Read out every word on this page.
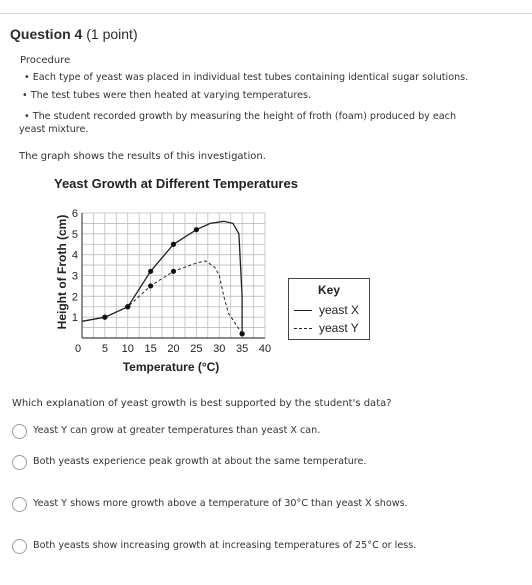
Question 4 (1 point)
Procedure
• Each type of yeast was placed in individual test tubes containing identical sugar solutions.
• The test tubes were then heated at varying temperatures.
• The student recorded growth by measuring the height of froth (foam) produced by each
yeast mixture.
The graph shows the results of this investigation.
Yeast Growth at Different Temperatures
1
2
3
4
5
6
0 5 10 15 20 25 30 35 40
Height of Froth (cm)
Temperature (°C)
Key
yeast X
yeast Y
Which explanation of yeast growth is best supported by the student's data?
Yeast Y can grow at greater temperatures than yeast X can.
Both yeasts experience peak growth at about the same temperature.
Yeast Y shows more growth above a temperature of 30°C than yeast X shows.
Both yeasts show increasing growth at increasing temperatures of 25°C or less.
